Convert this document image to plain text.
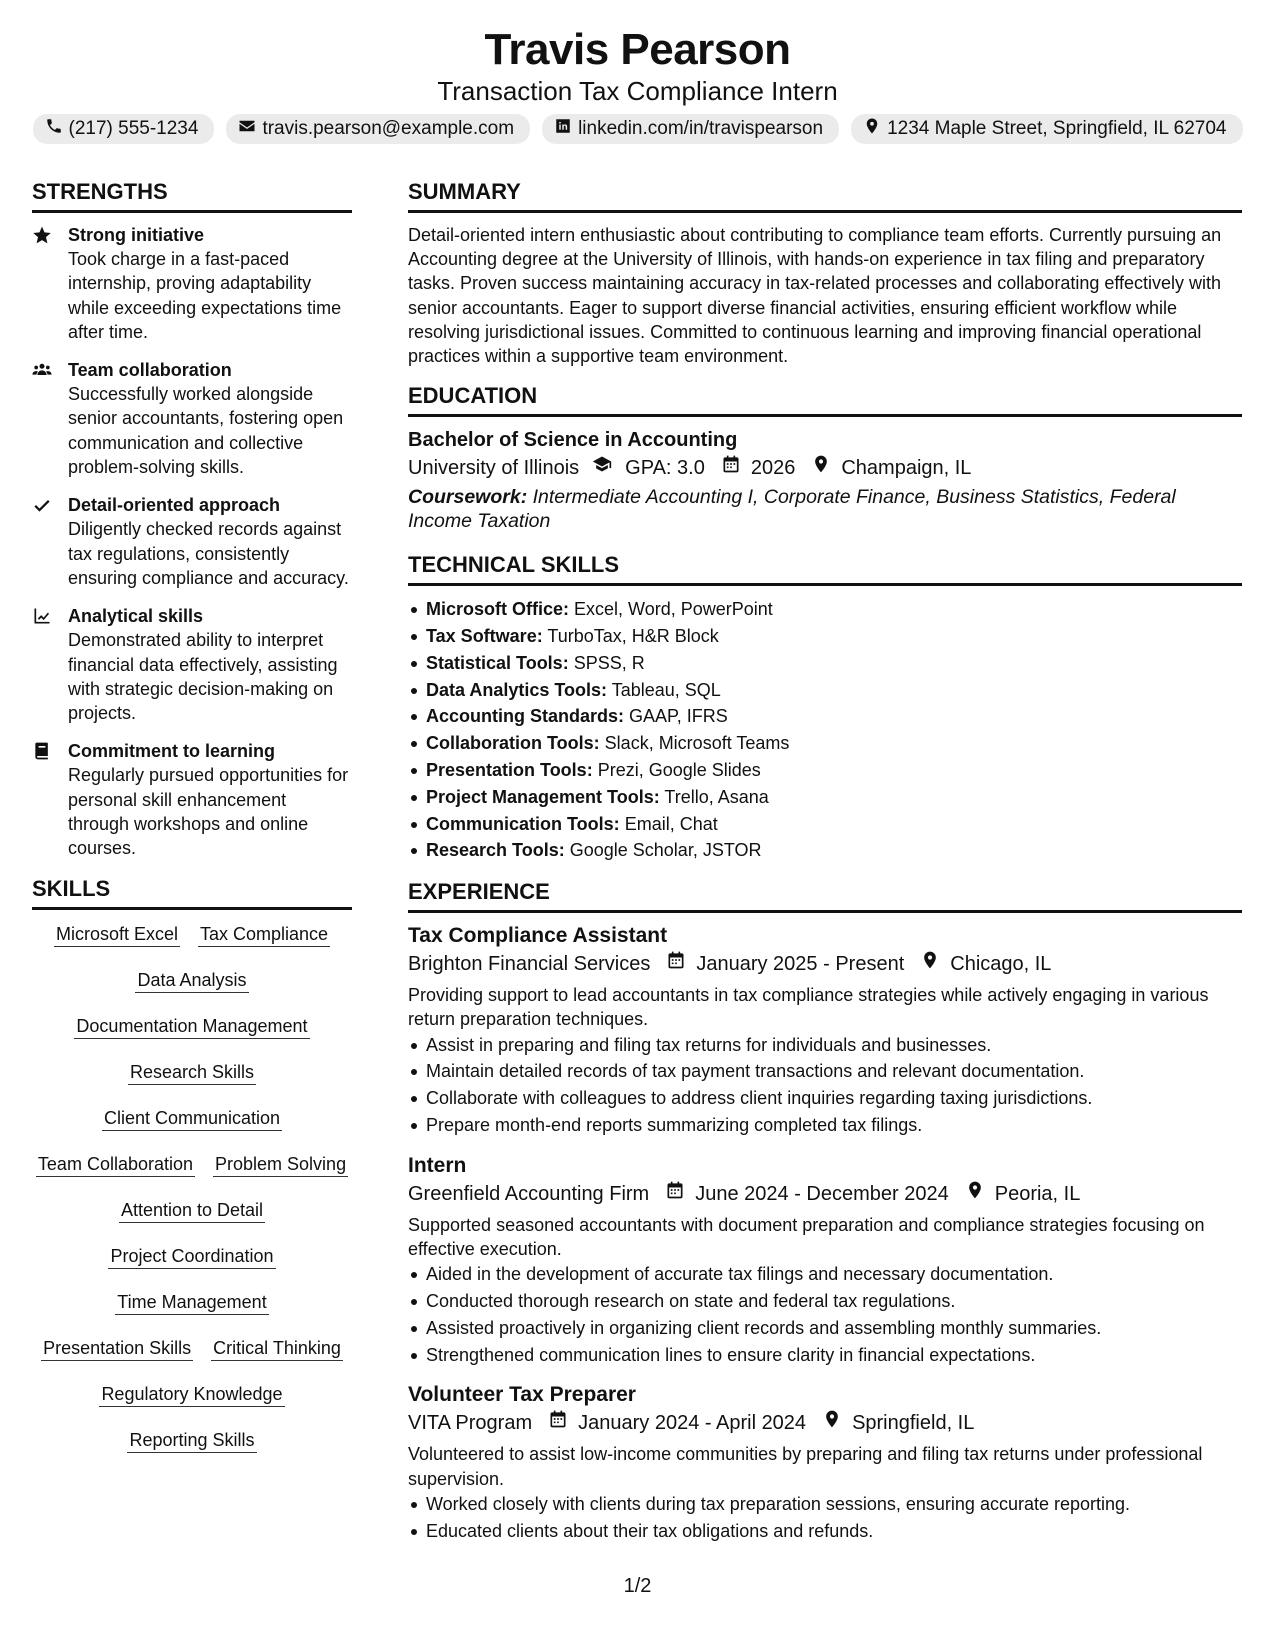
Travis Pearson
Transaction Tax Compliance Intern
(217) 555-1234	travis.pearson@example.com	linkedin.com/in/travispearson	1234 Maple Street, Springfield, IL 62704
STRENGTHS
Strong initiative
Took charge in a fast-paced internship, proving adaptability while exceeding expectations time after time.
Team collaboration
Successfully worked alongside senior accountants, fostering open communication and collective problem-solving skills.
Detail-oriented approach
Diligently checked records against tax regulations, consistently ensuring compliance and accuracy.
Analytical skills
Demonstrated ability to interpret financial data effectively, assisting with strategic decision-making on projects.
Commitment to learning
Regularly pursued opportunities for personal skill enhancement through workshops and online courses.
SKILLS
Microsoft Excel Tax Compliance
Data Analysis
Documentation Management
Research Skills
Client Communication
Team Collaboration Problem Solving
Attention to Detail
Project Coordination
Time Management
Presentation Skills Critical Thinking
Regulatory Knowledge
Reporting Skills
SUMMARY
Detail-oriented intern enthusiastic about contributing to compliance team efforts. Currently pursuing an Accounting degree at the University of Illinois, with hands-on experience in tax filing and preparatory tasks. Proven success maintaining accuracy in tax-related processes and collaborating effectively with senior accountants. Eager to support diverse financial activities, ensuring efficient workflow while resolving jurisdictional issues. Committed to continuous learning and improving financial operational practices within a supportive team environment.
EDUCATION
Bachelor of Science in Accounting
University of Illinois GPA: 3.0 2026 Champaign, IL
Coursework: Intermediate Accounting I, Corporate Finance, Business Statistics, Federal Income Taxation
TECHNICAL SKILLS
Microsoft Office: Excel, Word, PowerPoint
Tax Software: TurboTax, H&R Block
Statistical Tools: SPSS, R
Data Analytics Tools: Tableau, SQL
Accounting Standards: GAAP, IFRS
Collaboration Tools: Slack, Microsoft Teams
Presentation Tools: Prezi, Google Slides
Project Management Tools: Trello, Asana
Communication Tools: Email, Chat
Research Tools: Google Scholar, JSTOR
EXPERIENCE
Tax Compliance Assistant
Brighton Financial Services January 2025 - Present Chicago, IL
Providing support to lead accountants in tax compliance strategies while actively engaging in various return preparation techniques.
Assist in preparing and filing tax returns for individuals and businesses.
Maintain detailed records of tax payment transactions and relevant documentation.
Collaborate with colleagues to address client inquiries regarding taxing jurisdictions.
Prepare month-end reports summarizing completed tax filings.
Intern
Greenfield Accounting Firm June 2024 - December 2024 Peoria, IL
Supported seasoned accountants with document preparation and compliance strategies focusing on effective execution.
Aided in the development of accurate tax filings and necessary documentation.
Conducted thorough research on state and federal tax regulations.
Assisted proactively in organizing client records and assembling monthly summaries.
Strengthened communication lines to ensure clarity in financial expectations.
Volunteer Tax Preparer
VITA Program January 2024 - April 2024 Springfield, IL
Volunteered to assist low-income communities by preparing and filing tax returns under professional supervision.
Worked closely with clients during tax preparation sessions, ensuring accurate reporting.
Educated clients about their tax obligations and refunds.
1/2
